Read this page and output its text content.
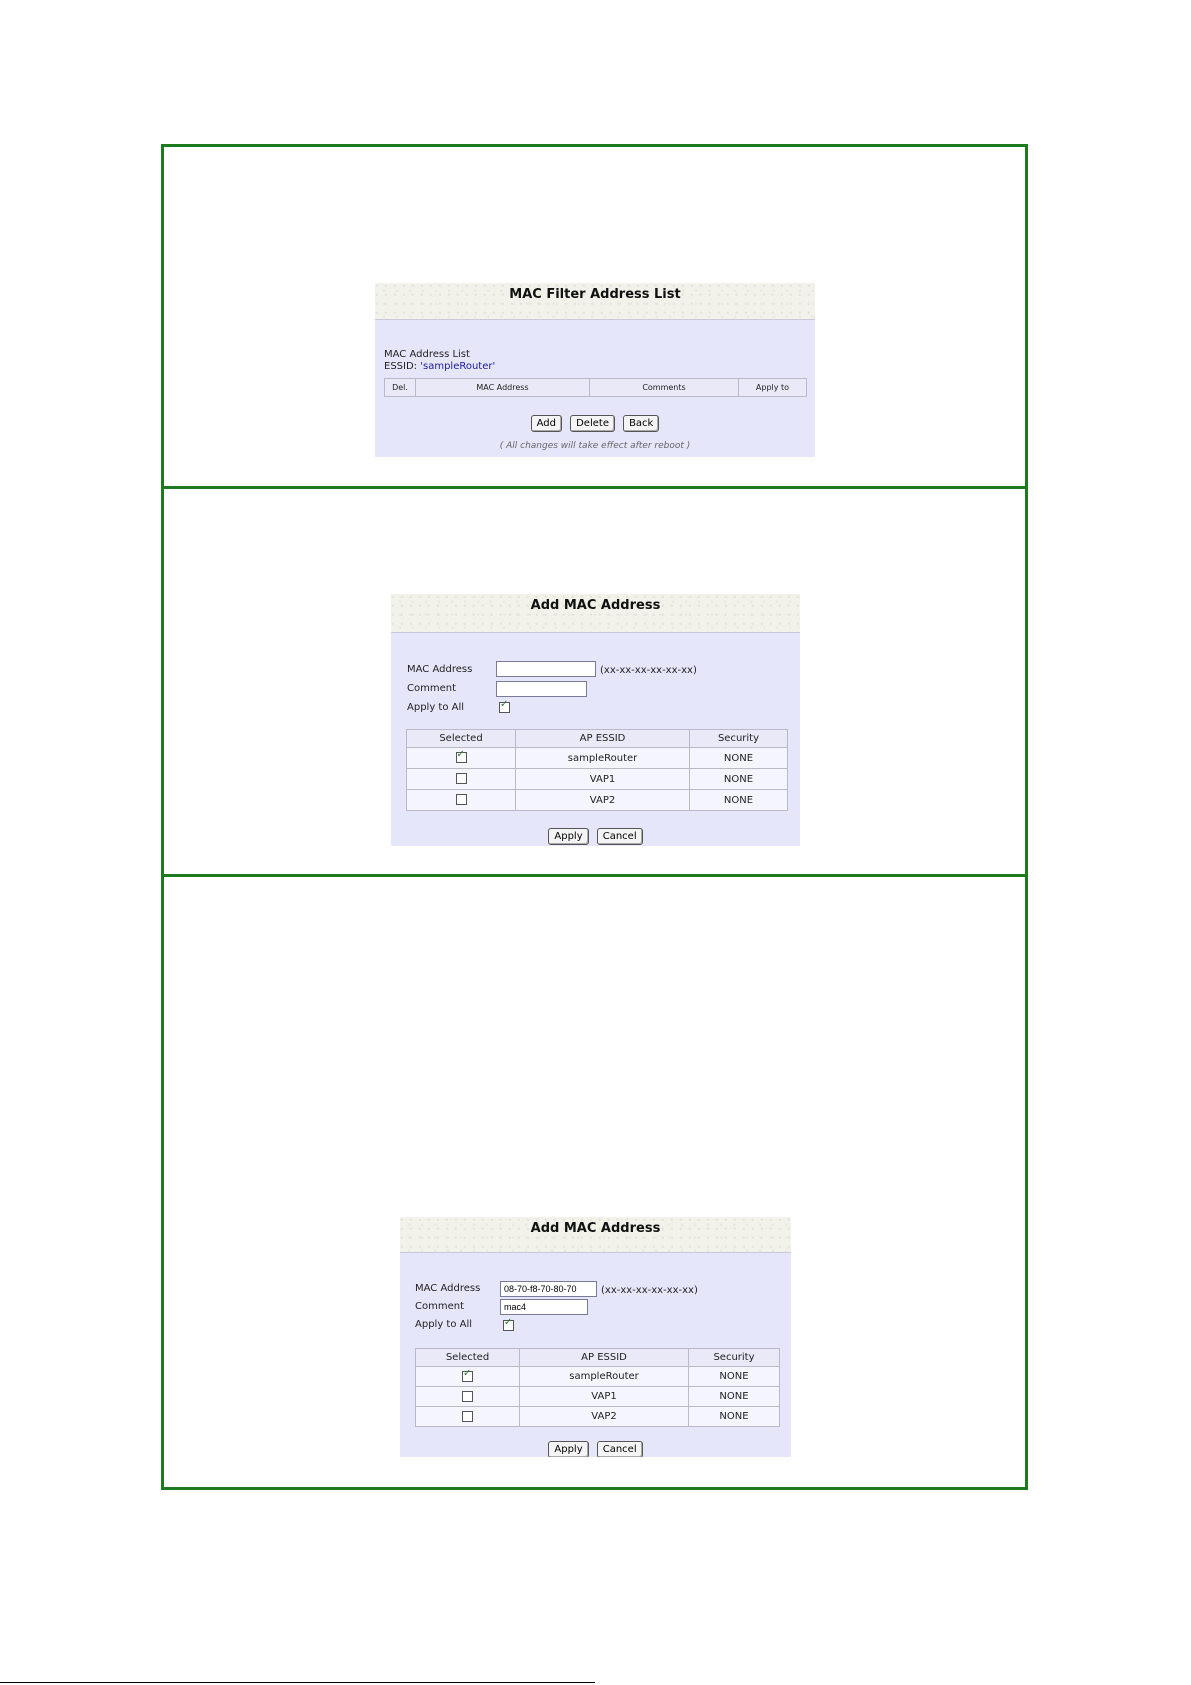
MAC Filter Address List
MAC Address List
ESSID: 'sampleRouter'
Del.	MAC Address	Comments	Apply to
Add Delete Back
( All changes will take effect after reboot )
Add MAC Address
MAC Address	(xx-xx-xx-xx-xx-xx)
Comment
Apply to All
✓
Selected	AP ESSID	Security
✓	sampleRouter	NONE
	VAP1	NONE
	VAP2	NONE
Apply Cancel
Add MAC Address
MAC Address
08-70-f8-70-80-70	(xx-xx-xx-xx-xx-xx)
Comment
mac4
Apply to All
✓
Selected	AP ESSID	Security
✓	sampleRouter	NONE
	VAP1	NONE
	VAP2	NONE
Apply Cancel
